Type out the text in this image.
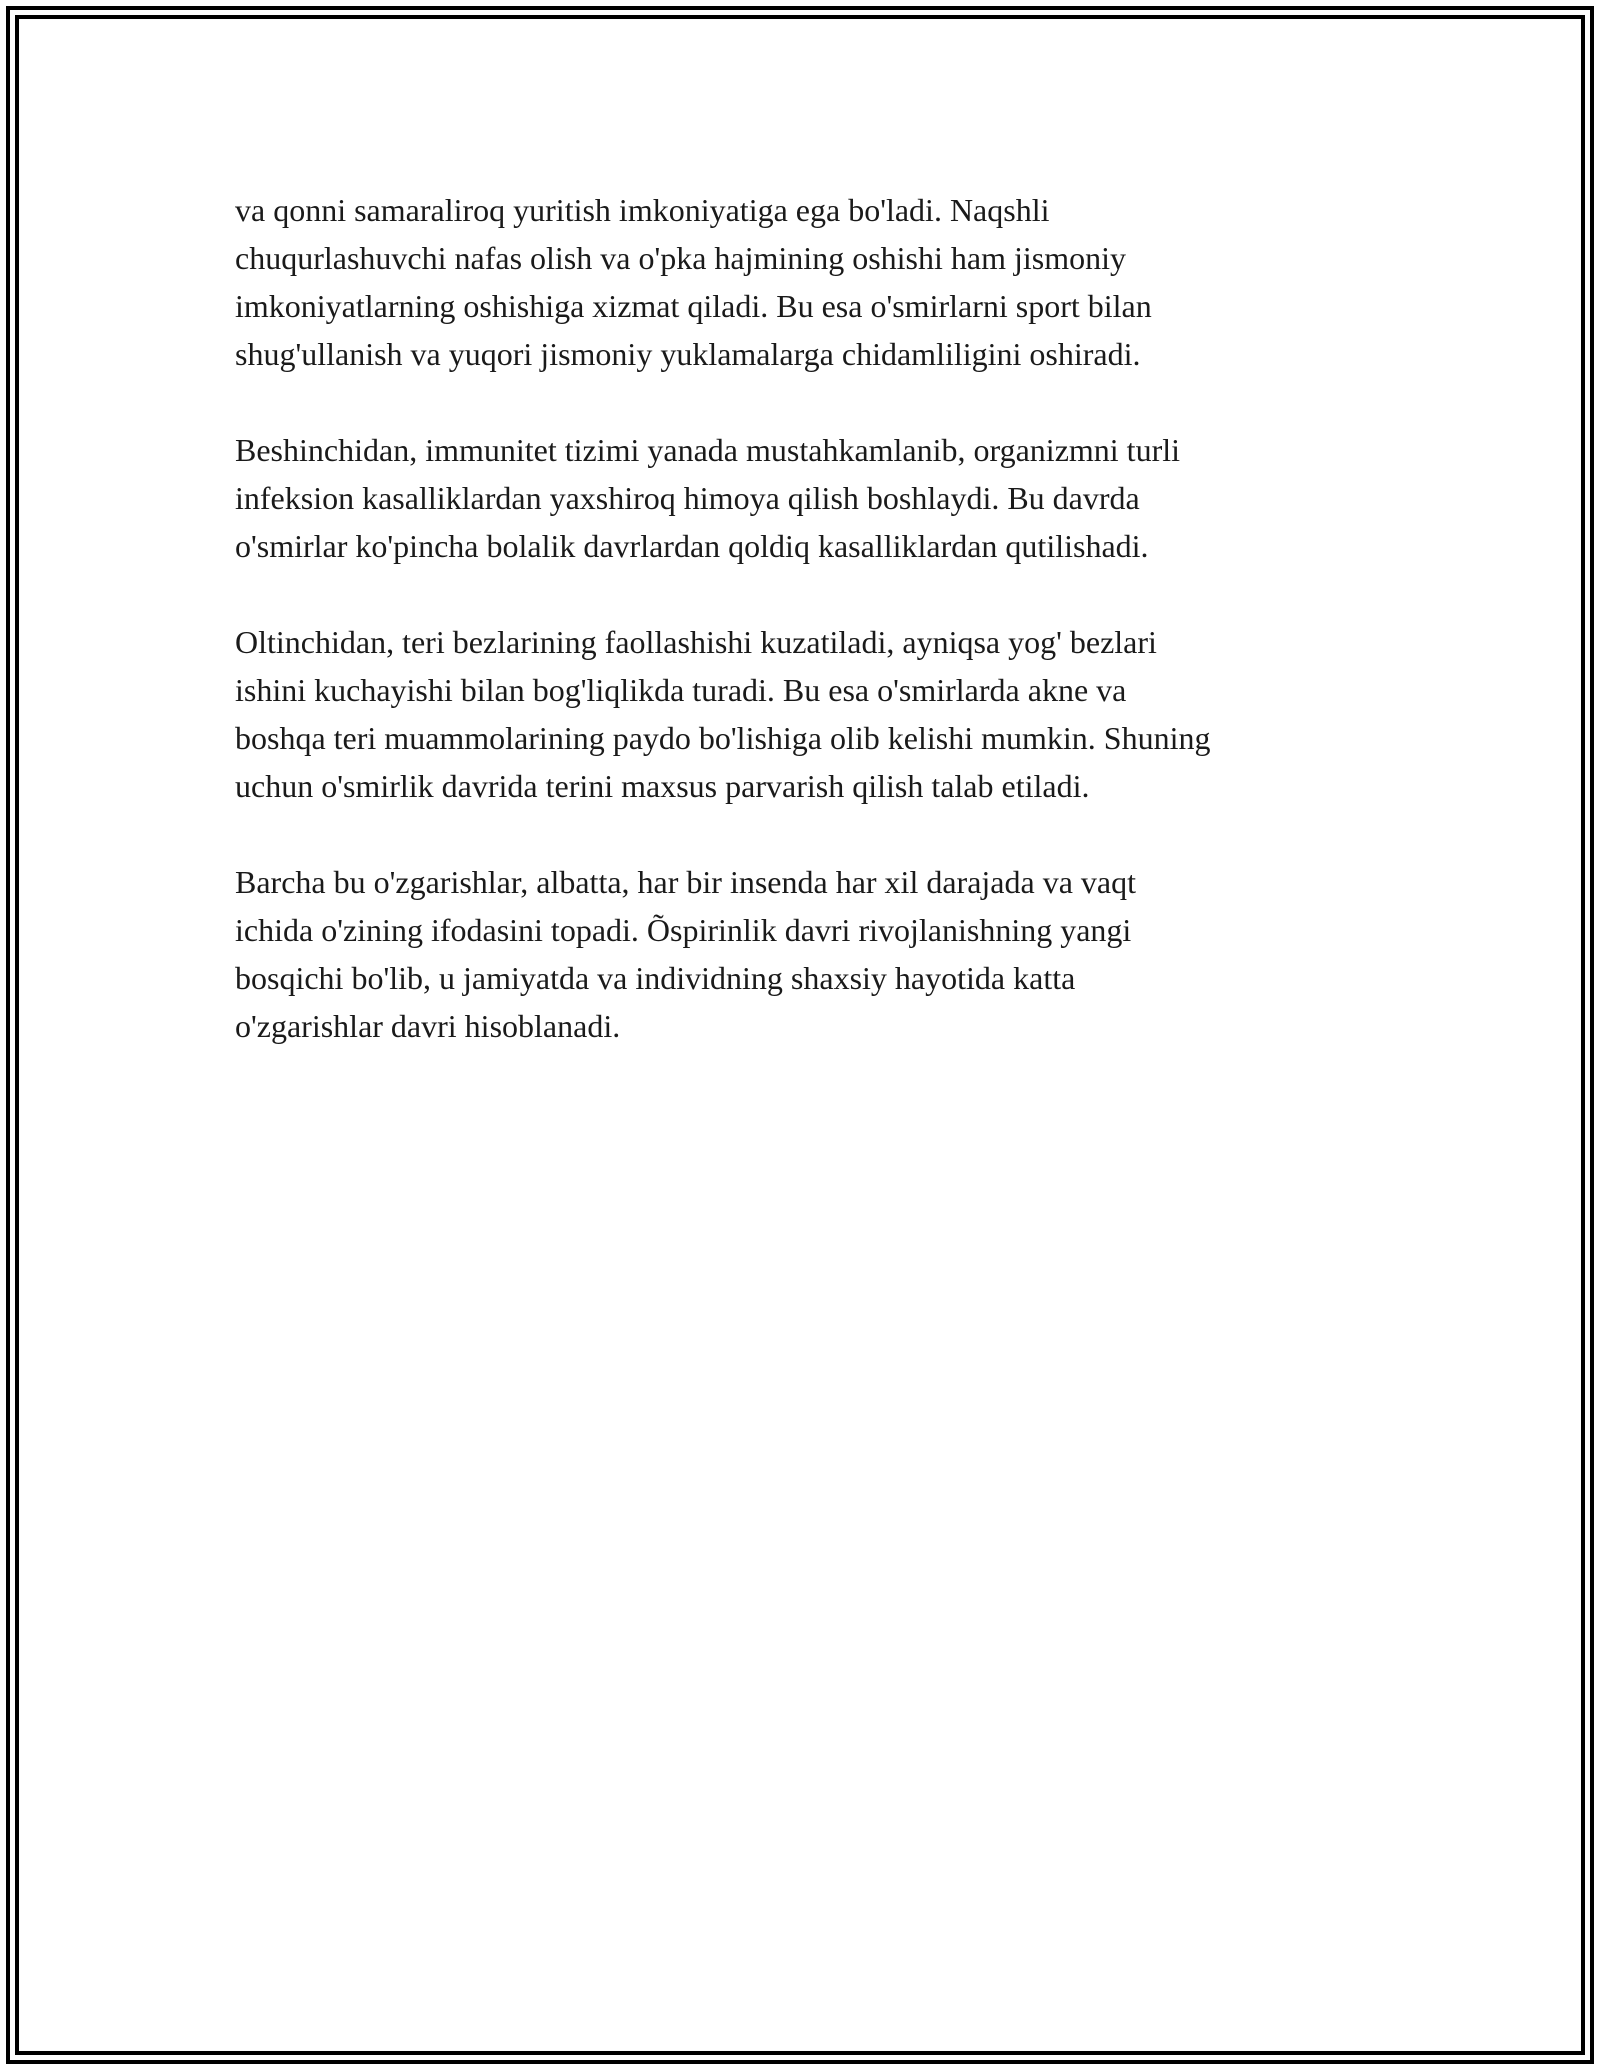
va qonni samaraliroq yuritish imkoniyatiga ega bo'ladi. Naqshli
chuqurlashuvchi nafas olish va o'pka hajmining oshishi ham jismoniy
imkoniyatlarning oshishiga xizmat qiladi. Bu esa o'smirlarni sport bilan
shug'ullanish va yuqori jismoniy yuklamalarga chidamliligini oshiradi.

Beshinchidan, immunitet tizimi yanada mustahkamlanib, organizmni turli
infeksion kasalliklardan yaxshiroq himoya qilish boshlaydi. Bu davrda
o'smirlar ko'pincha bolalik davrlardan qoldiq kasalliklardan qutilishadi.

Oltinchidan, teri bezlarining faollashishi kuzatiladi, ayniqsa yog' bezlari
ishini kuchayishi bilan bog'liqlikda turadi. Bu esa o'smirlarda akne va
boshqa teri muammolarining paydo bo'lishiga olib kelishi mumkin. Shuning
uchun o'smirlik davrida terini maxsus parvarish qilish talab etiladi.

Barcha bu o'zgarishlar, albatta, har bir insenda har xil darajada va vaqt
ichida o'zining ifodasini topadi. Õspirinlik davri rivojlanishning yangi
bosqichi bo'lib, u jamiyatda va individning shaxsiy hayotida katta
o'zgarishlar davri hisoblanadi.
